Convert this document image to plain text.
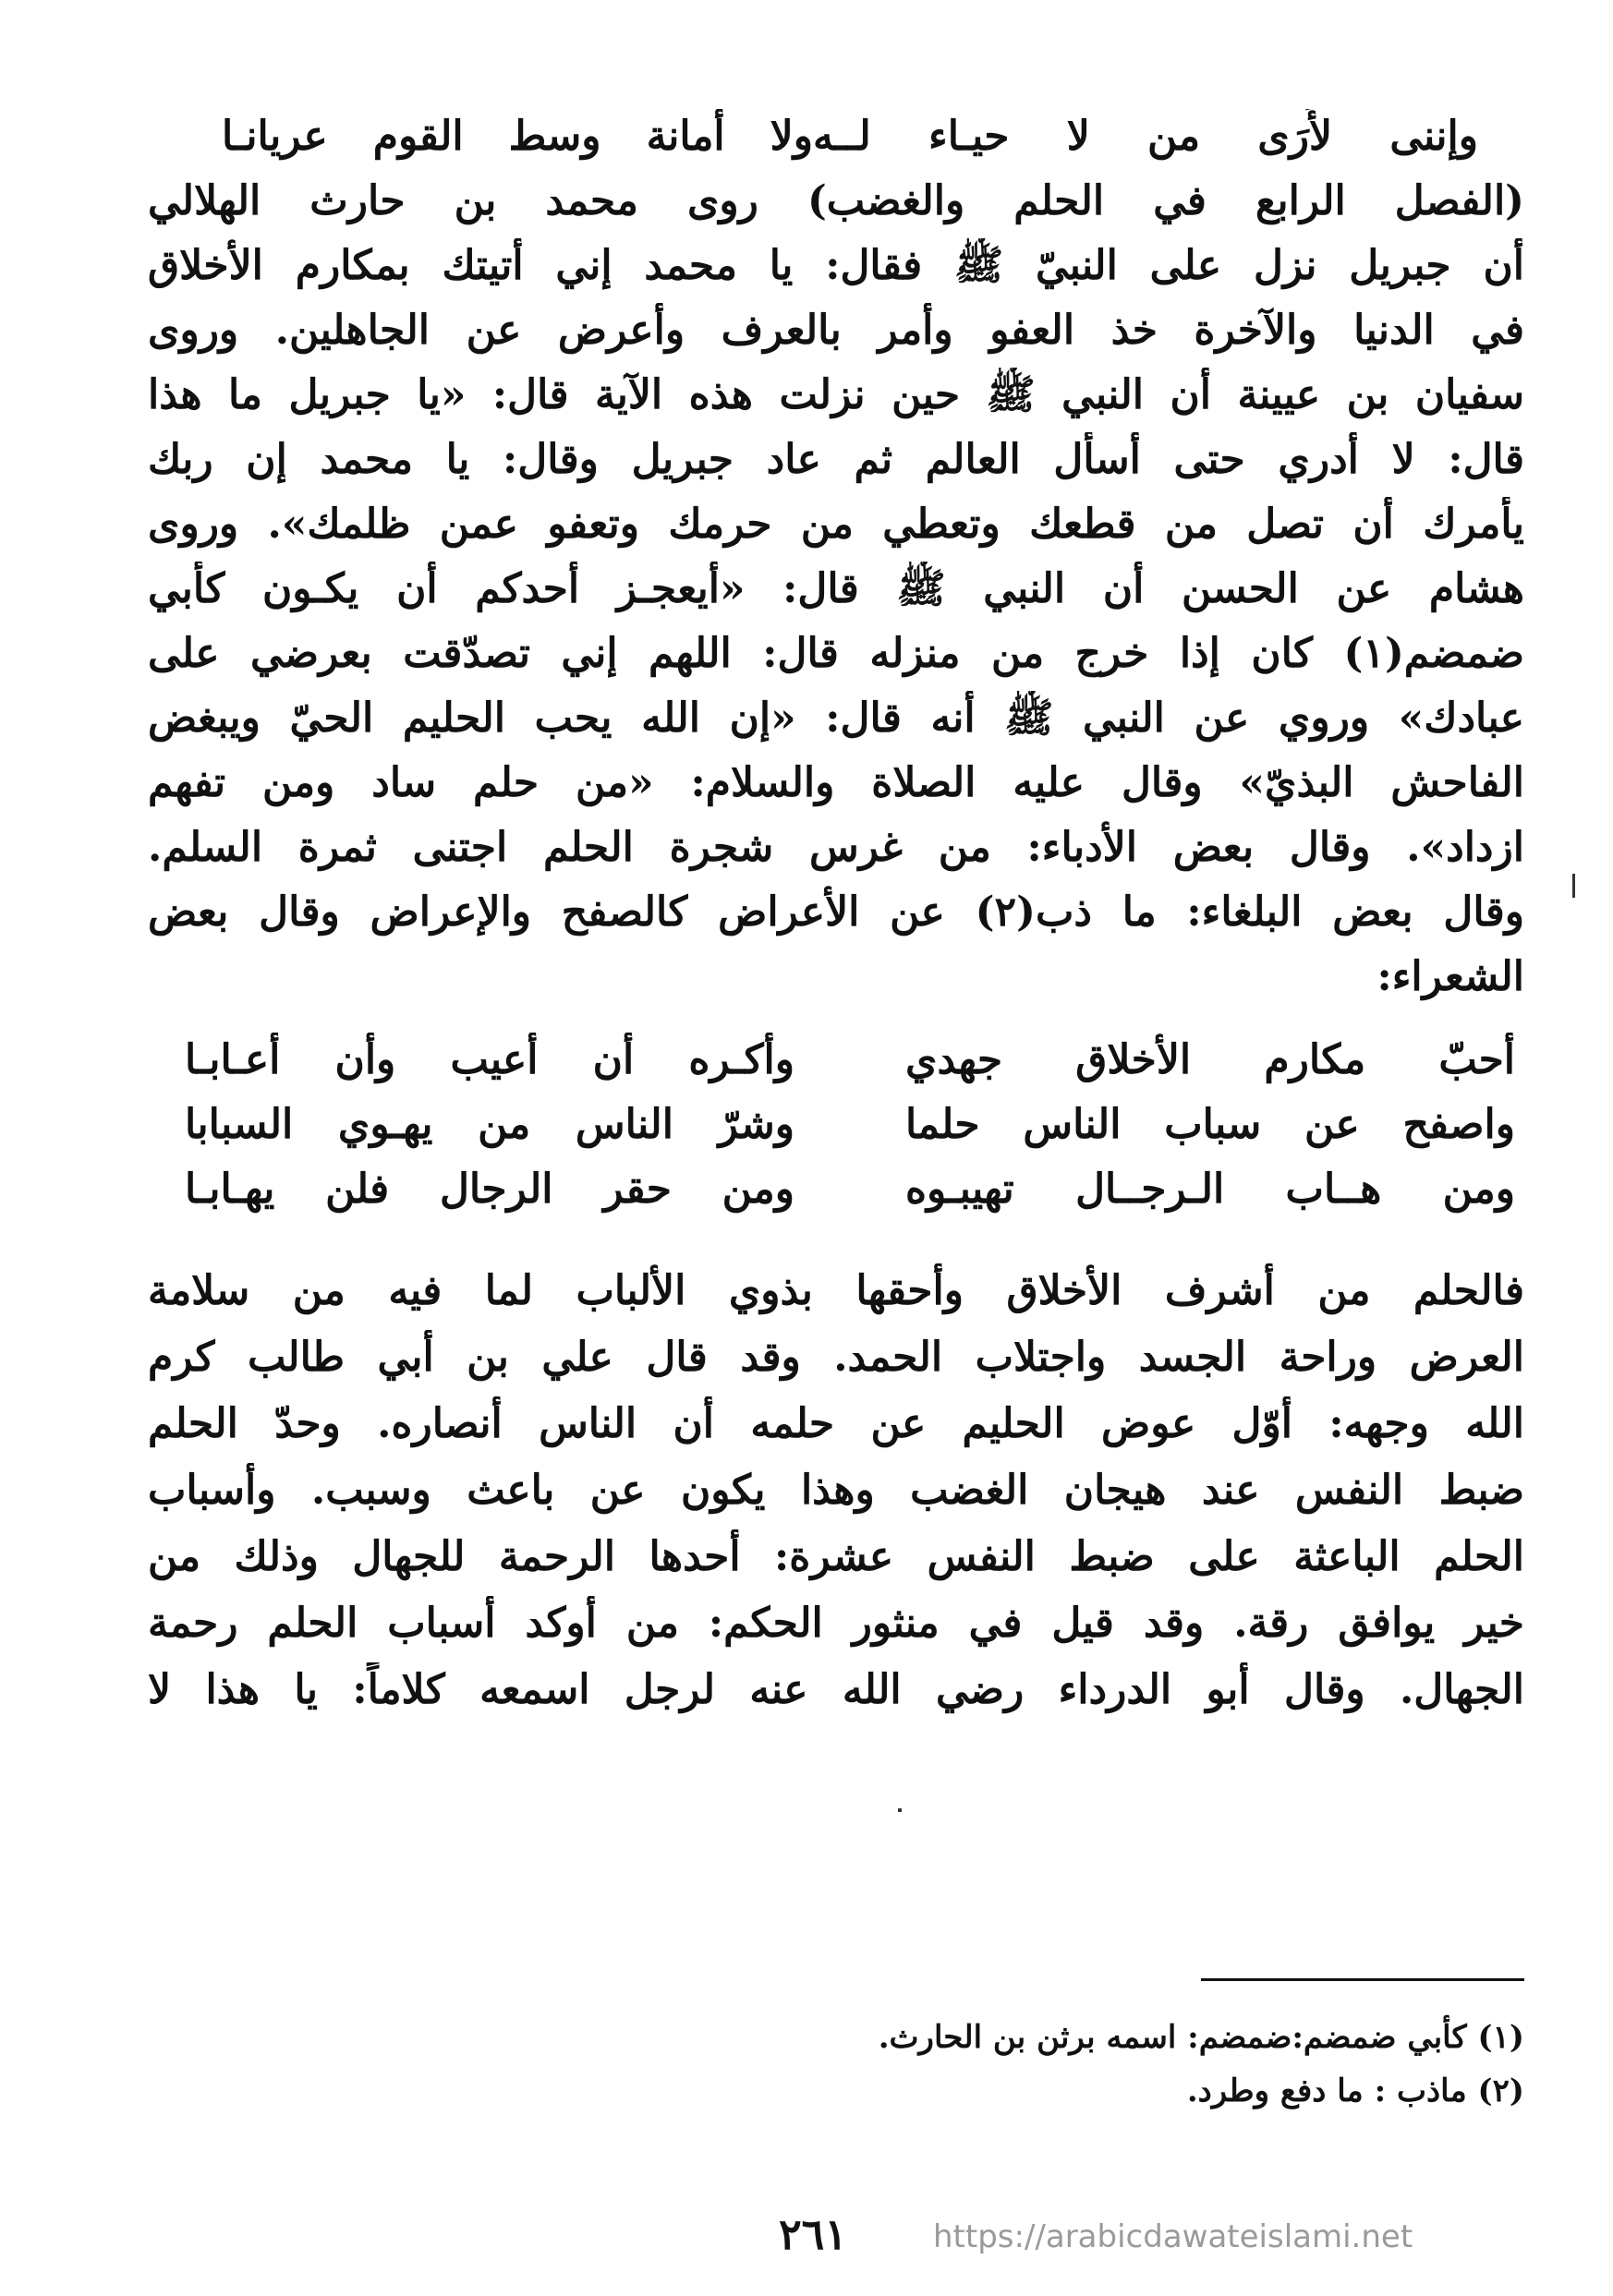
وإننى لأَرَى من لا حيـاء لــه
ولا أمانة وسط القوم عريانـا
(الفصل الرابع في الحلم والغضب) روى محمد بن حارث الهلالي
أن جبريل نزل على النبيّ ﷺ فقال: يا محمد إني أتيتك بمكارم الأخلاق
في الدنيا والآخرة خذ العفو وأمر بالعرف وأعرض عن الجاهلين. وروى
سفيان بن عيينة أن النبي ﷺ حين نزلت هذه الآية قال: «يا جبريل ما هذا
قال: لا أدري حتى أسأل العالم ثم عاد جبريل وقال: يا محمد إن ربك
يأمرك أن تصل من قطعك وتعطي من حرمك وتعفو عمن ظلمك». وروى
هشام عن الحسن أن النبي ﷺ قال: «أيعجـز أحدكم أن يكـون كأبي
ضمضم(١) كان إذا خرج من منزله قال: اللهم إني تصدّقت بعرضي على
عبادك» وروي عن النبي ﷺ أنه قال: «إن الله يحب الحليم الحيّ ويبغض
الفاحش البذيّ» وقال عليه الصلاة والسلام: «من حلم ساد ومن تفهم
ازداد». وقال بعض الأدباء: من غرس شجرة الحلم اجتنى ثمرة السلم.
وقال بعض البلغاء: ما ذب(٢) عن الأعراض كالصفح والإعراض وقال بعض
الشعراء:
أُحبّ مكارم الأخلاق جهدي
وأكـره أن أعيب وأن أُعـابـا
واصفح عن سباب الناس حلما
وشرّ الناس من يهـوي السبابا
ومن هــاب الـرجــال تهيبـوه
ومن حقر الرجال فلن يهـابـا
فالحلم من أشرف الأخلاق وأحقها بذوي الألباب لما فيه من سلامة
العرض وراحة الجسد واجتلاب الحمد. وقد قال علي بن أبي طالب كرم
الله وجهه: أوّل عوض الحليم عن حلمه أن الناس أنصاره. وحدّ الحلم
ضبط النفس عند هيجان الغضب وهذا يكون عن باعث وسبب. وأسباب
الحلم الباعثة على ضبط النفس عشرة: أحدها الرحمة للجهال وذلك من
خير يوافق رقة. وقد قيل في منثور الحكم: من أوكد أسباب الحلم رحمة
الجهال. وقال أبو الدرداء رضي الله عنه لرجل اسمعه كلاماً: يا هذا لا
(١) كأبي ضمضم:ضمضم: اسمه برثن بن الحارث.
(٢) ماذب : ما دفع وطرد.
٢٦١	https://arabicdawateislami.net
